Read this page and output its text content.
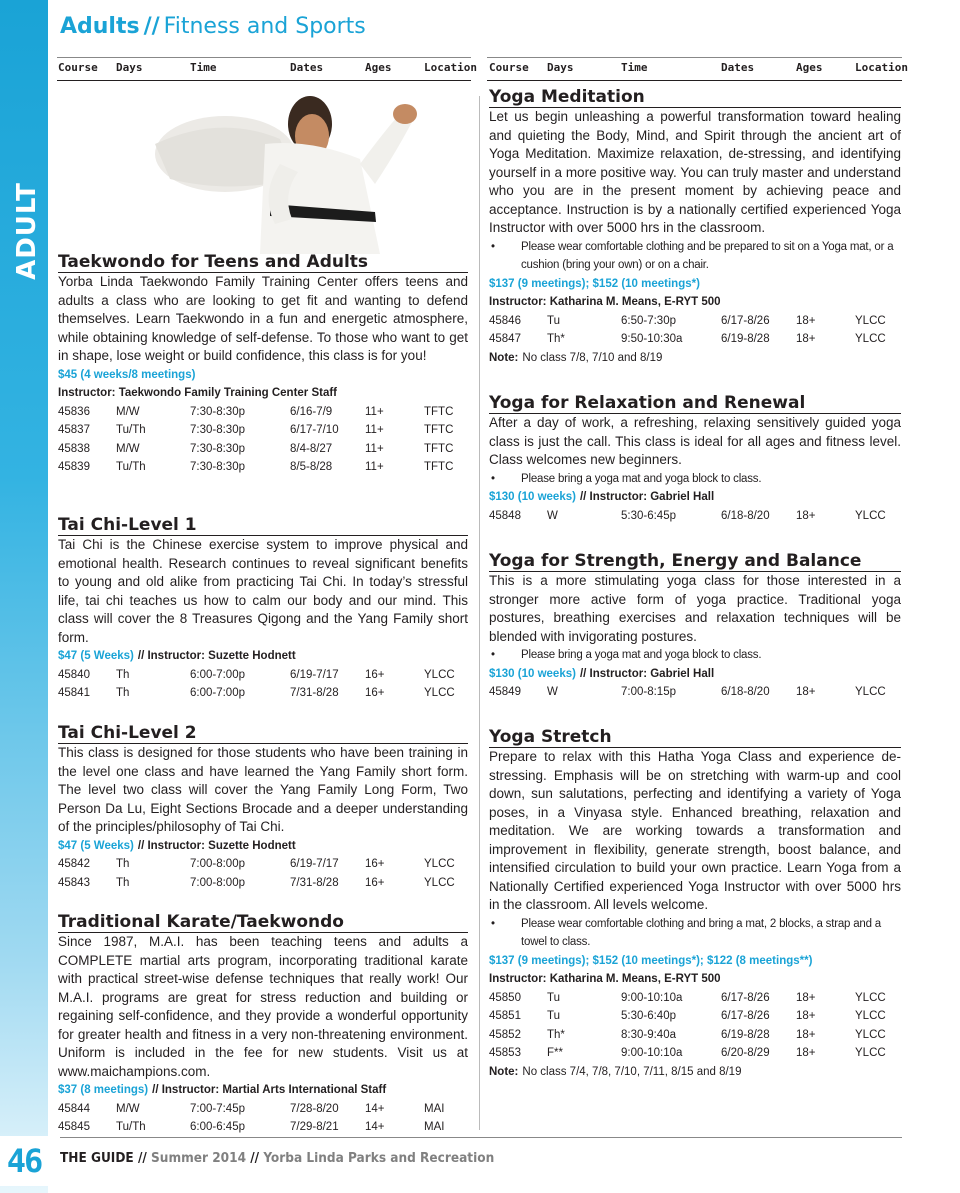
ADULT
46
Adults // Fitness and Sports
Course Days	Time	Dates	Ages	Location Course Days	Time	Dates	Ages	Location
Taekwondo for Teens and Adults

Yorba Linda Taekwondo Family Training Center offers teens and adults a class who are looking to get fit and wanting to defend themselves. Learn Taekwondo in a fun and energetic atmosphere, while obtaining knowledge of self-defense. To those who want to get in shape, lose weight or build confidence, this class is for you!

$45 (4 weeks/8 meetings)
Instructor: Taekwondo Family Training Center Staff
45836 M/W	7:30-8:30p	6/16-7/9	11+	TFTC
45837 Tu/Th	7:30-8:30p	6/17-7/10 11+	TFTC
45838 M/W	7:30-8:30p	8/4-8/27	11+	TFTC
45839 Tu/Th	7:30-8:30p	8/5-8/28	11+	TFTC
Tai Chi-Level 1

Tai Chi is the Chinese exercise system to improve physical and emotional health. Research continues to reveal significant benefits to young and old alike from practicing Tai Chi. In today’s stressful life, tai chi teaches us how to calm our body and our mind. This class will cover the 8 Treasures Qigong and the Yang Family short form.

$47 (5 Weeks) // Instructor: Suzette Hodnett
45840 Th	6:00-7:00p	6/19-7/17 16+	YLCC
45841 Th	6:00-7:00p	7/31-8/28 16+	YLCC
Tai Chi-Level 2

This class is designed for those students who have been training in the level one class and have learned the Yang Family short form. The level two class will cover the Yang Family Long Form, Two Person Da Lu, Eight Sections Brocade and a deeper understanding of the principles/philosophy of Tai Chi.

$47 (5 Weeks) // Instructor: Suzette Hodnett
45842 Th	7:00-8:00p	6/19-7/17 16+	YLCC
45843 Th	7:00-8:00p	7/31-8/28 16+	YLCC
Traditional Karate/Taekwondo

Since 1987, M.A.I. has been teaching teens and adults a COMPLETE martial arts program, incorporating traditional karate with practical street-wise defense techniques that really work! Our M.A.I. programs are great for stress reduction and building or regaining self-confidence, and they provide a wonderful opportunity for greater health and fitness in a very non-threatening environment. Uniform is included in the fee for new students. Visit us at www.maichampions.com.

$37 (8 meetings) // Instructor: Martial Arts International Staff
45844 M/W	7:00-7:45p	7/28-8/20 14+	MAI
45845 Tu/Th	6:00-6:45p	7/29-8/21 14+	MAI
Yoga Meditation

Let us begin unleashing a powerful transformation toward healing and quieting the Body, Mind, and Spirit through the ancient art of Yoga Meditation. Maximize relaxation, de-stressing, and identifying yourself in a more positive way. You can truly master and understand who you are in the present moment by achieving peace and acceptance. Instruction is by a nationally certified experienced Yoga Instructor with over 5000 hrs in the classroom.

• Please wear comfortable clothing and be prepared to sit on a Yoga mat, or a cushion (bring your own) or on a chair.
$137 (9 meetings); $152 (10 meetings*)
Instructor: Katharina M. Means, E-RYT 500
45846 Tu	6:50-7:30p	6/17-8/26 18+	YLCC
45847 Th*	9:50-10:30a	6/19-8/28 18+	YLCC
Note: No class 7/8, 7/10 and 8/19
Yoga for Relaxation and Renewal

After a day of work, a refreshing, relaxing sensitively guided yoga class is just the call. This class is ideal for all ages and fitness level. Class welcomes new beginners.

• Please bring a yoga mat and yoga block to class.
$130 (10 weeks) // Instructor: Gabriel Hall
45848 W	5:30-6:45p	6/18-8/20 18+	YLCC
Yoga for Strength, Energy and Balance

This is a more stimulating yoga class for those interested in a stronger more active form of yoga practice. Traditional yoga postures, breathing exercises and relaxation techniques will be blended with invigorating postures.

• Please bring a yoga mat and yoga block to class.
$130 (10 weeks) // Instructor: Gabriel Hall
45849 W	7:00-8:15p	6/18-8/20 18+	YLCC
Yoga Stretch

Prepare to relax with this Hatha Yoga Class and experience de-stressing. Emphasis will be on stretching with warm-up and cool down, sun salutations, perfecting and identifying a variety of Yoga poses, in a Vinyasa style. Enhanced breathing, relaxation and meditation. We are working towards a transformation and improvement in flexibility, generate strength, boost balance, and intensified circulation to build your own practice. Learn Yoga from a Nationally Certified experienced Yoga Instructor with over 5000 hrs in the classroom. All levels welcome.

• Please wear comfortable clothing and bring a mat, 2 blocks, a strap and a towel to class.
$137 (9 meetings); $152 (10 meetings*); $122 (8 meetings**)
Instructor: Katharina M. Means, E-RYT 500
45850 Tu	9:00-10:10a	6/17-8/26 18+	YLCC
45851 Tu	5:30-6:40p	6/17-8/26 18+	YLCC
45852 Th*	8:30-9:40a	6/19-8/28 18+	YLCC
45853 F**	9:00-10:10a	6/20-8/29 18+	YLCC
Note: No class 7/4, 7/8, 7/10, 7/11, 8/15 and 8/19
THE GUIDE // Summer 2014 // Yorba Linda Parks and Recreation
